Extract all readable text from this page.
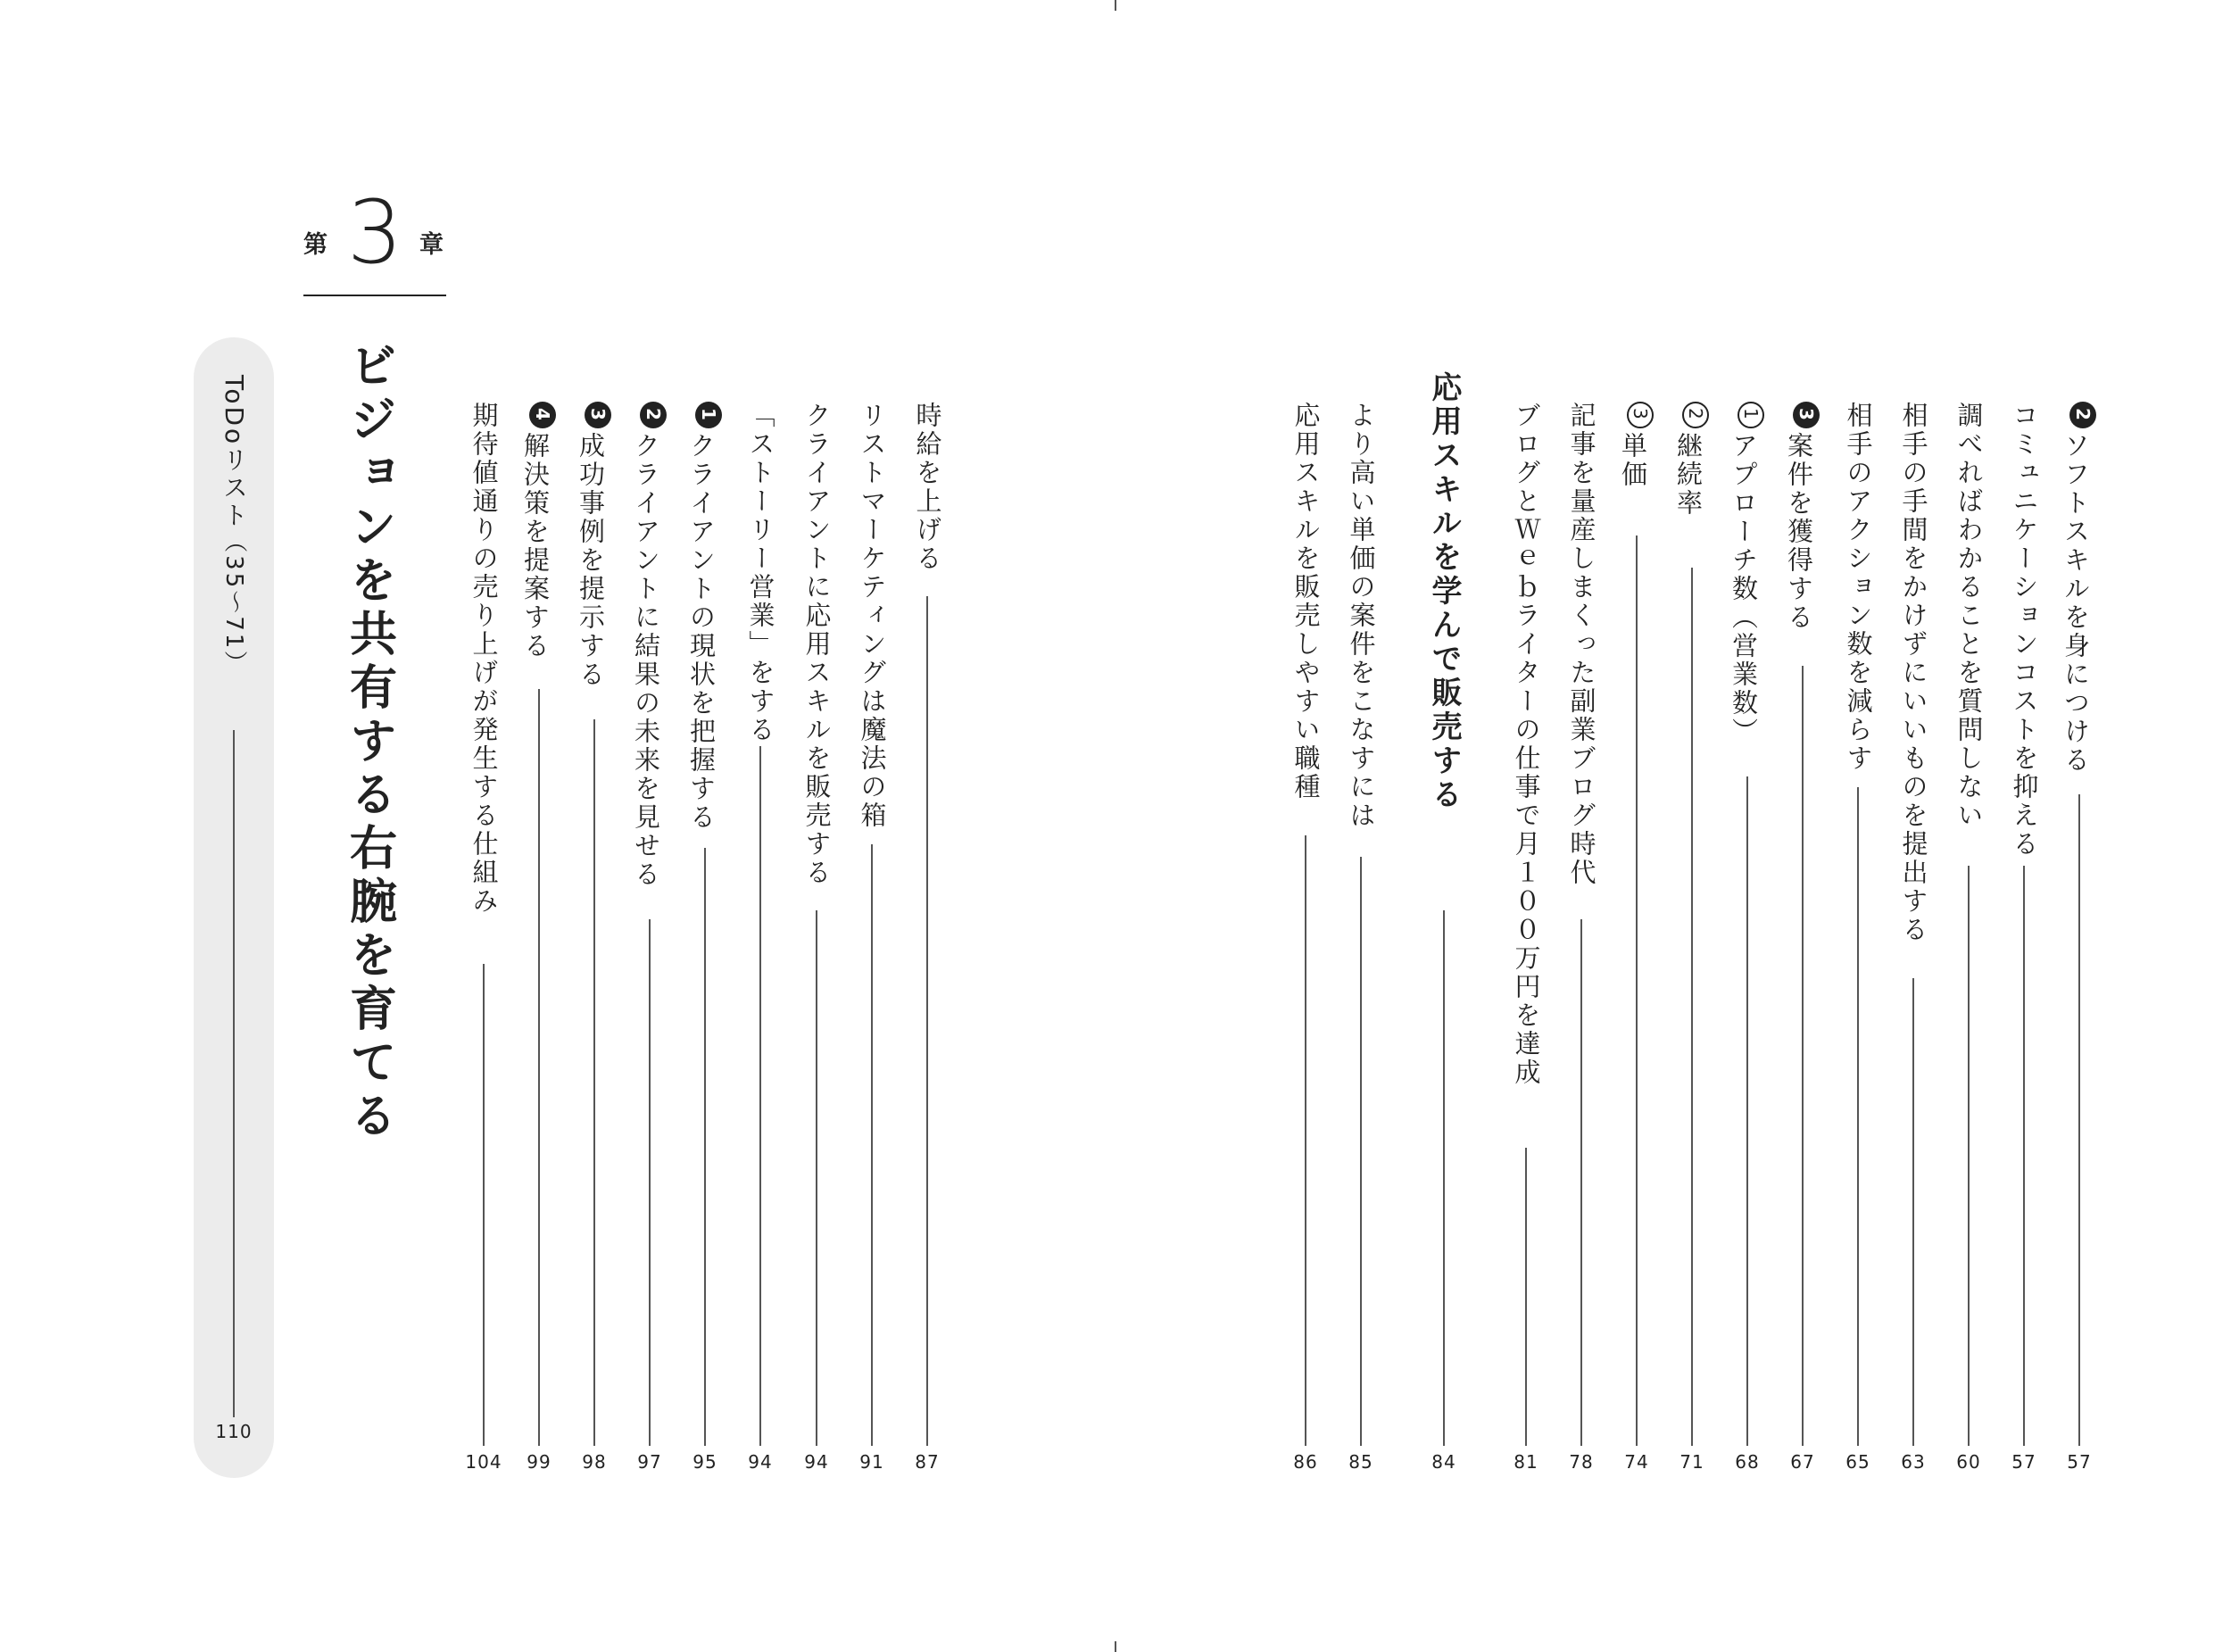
第 3 章
ToDoリスト（35〜71）
110
ビジョンを共有する右腕を育てる	時給を上げる
87
リストマーケティングは魔法の箱
91
クライアントに応用スキルを販売する
94
「ストーリー営業」をする
94
1クライアントの現状を把握する
95
2クライアントに結果の未来を見せる
97
3成功事例を提示する
98
4解決策を提案する
99
期待値通りの売り上げが発生する仕組み
104
2ソフトスキルを身につける
57
コミュニケーションコストを抑える
57
調べればわかることを質問しない
60
相手の手間をかけずにいいものを提出する
63
相手のアクション数を減らす
65
3案件を獲得する
67
1アプローチ数（営業数）
68
2継続率
71
3単価
74
記事を量産しまくった副業ブログ時代
78
ブログとＷｅｂライターの仕事で月１００万円を達成
81
応用スキルを学んで販売する
84
より高い単価の案件をこなすには
85
応用スキルを販売しやすい職種
86
